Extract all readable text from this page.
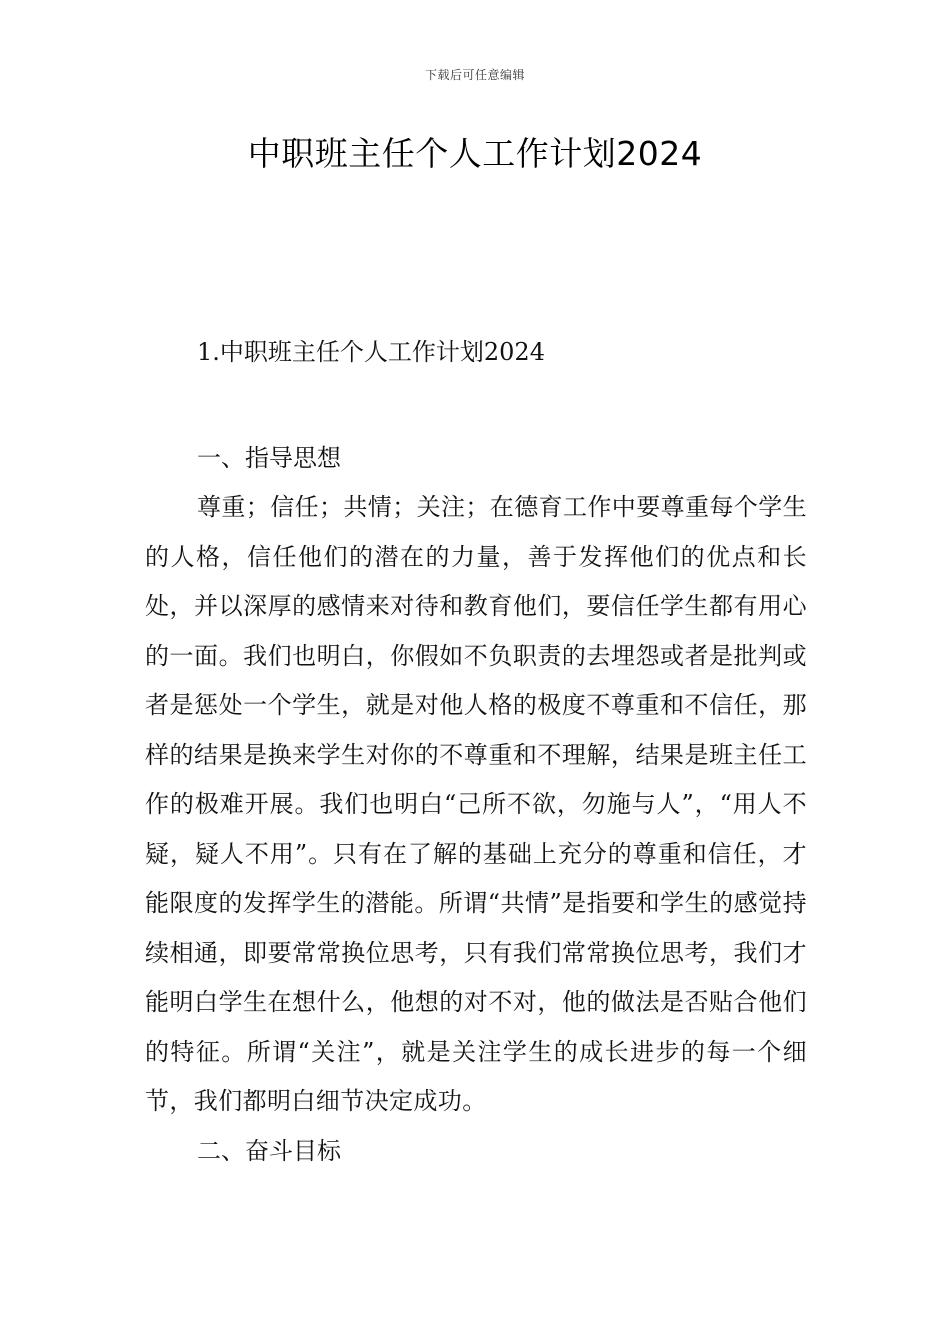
下载后可任意编辑
中职班主任个人工作计划2024

1.中职班主任个人工作计划2024

一、指导思想

尊重；信任；共情；关注；在德育工作中要尊重每个学生的人格，信任他们的潜在的力量，善于发挥他们的优点和长处，并以深厚的感情来对待和教育他们，要信任学生都有用心的一面。我们也明白，你假如不负职责的去埋怨或者是批判或者是惩处一个学生，就是对他人格的极度不尊重和不信任，那样的结果是换来学生对你的不尊重和不理解，结果是班主任工作的极难开展。我们也明白“己所不欲，勿施与人”，“用人不疑，疑人不用”。只有在了解的基础上充分的尊重和信任，才能限度的发挥学生的潜能。所谓“共情”是指要和学生的感觉持续相通，即要常常换位思考，只有我们常常换位思考，我们才能明白学生在想什么，他想的对不对，他的做法是否贴合他们的特征。所谓“关注”，就是关注学生的成长进步的每一个细节，我们都明白细节决定成功。

二、奋斗目标
